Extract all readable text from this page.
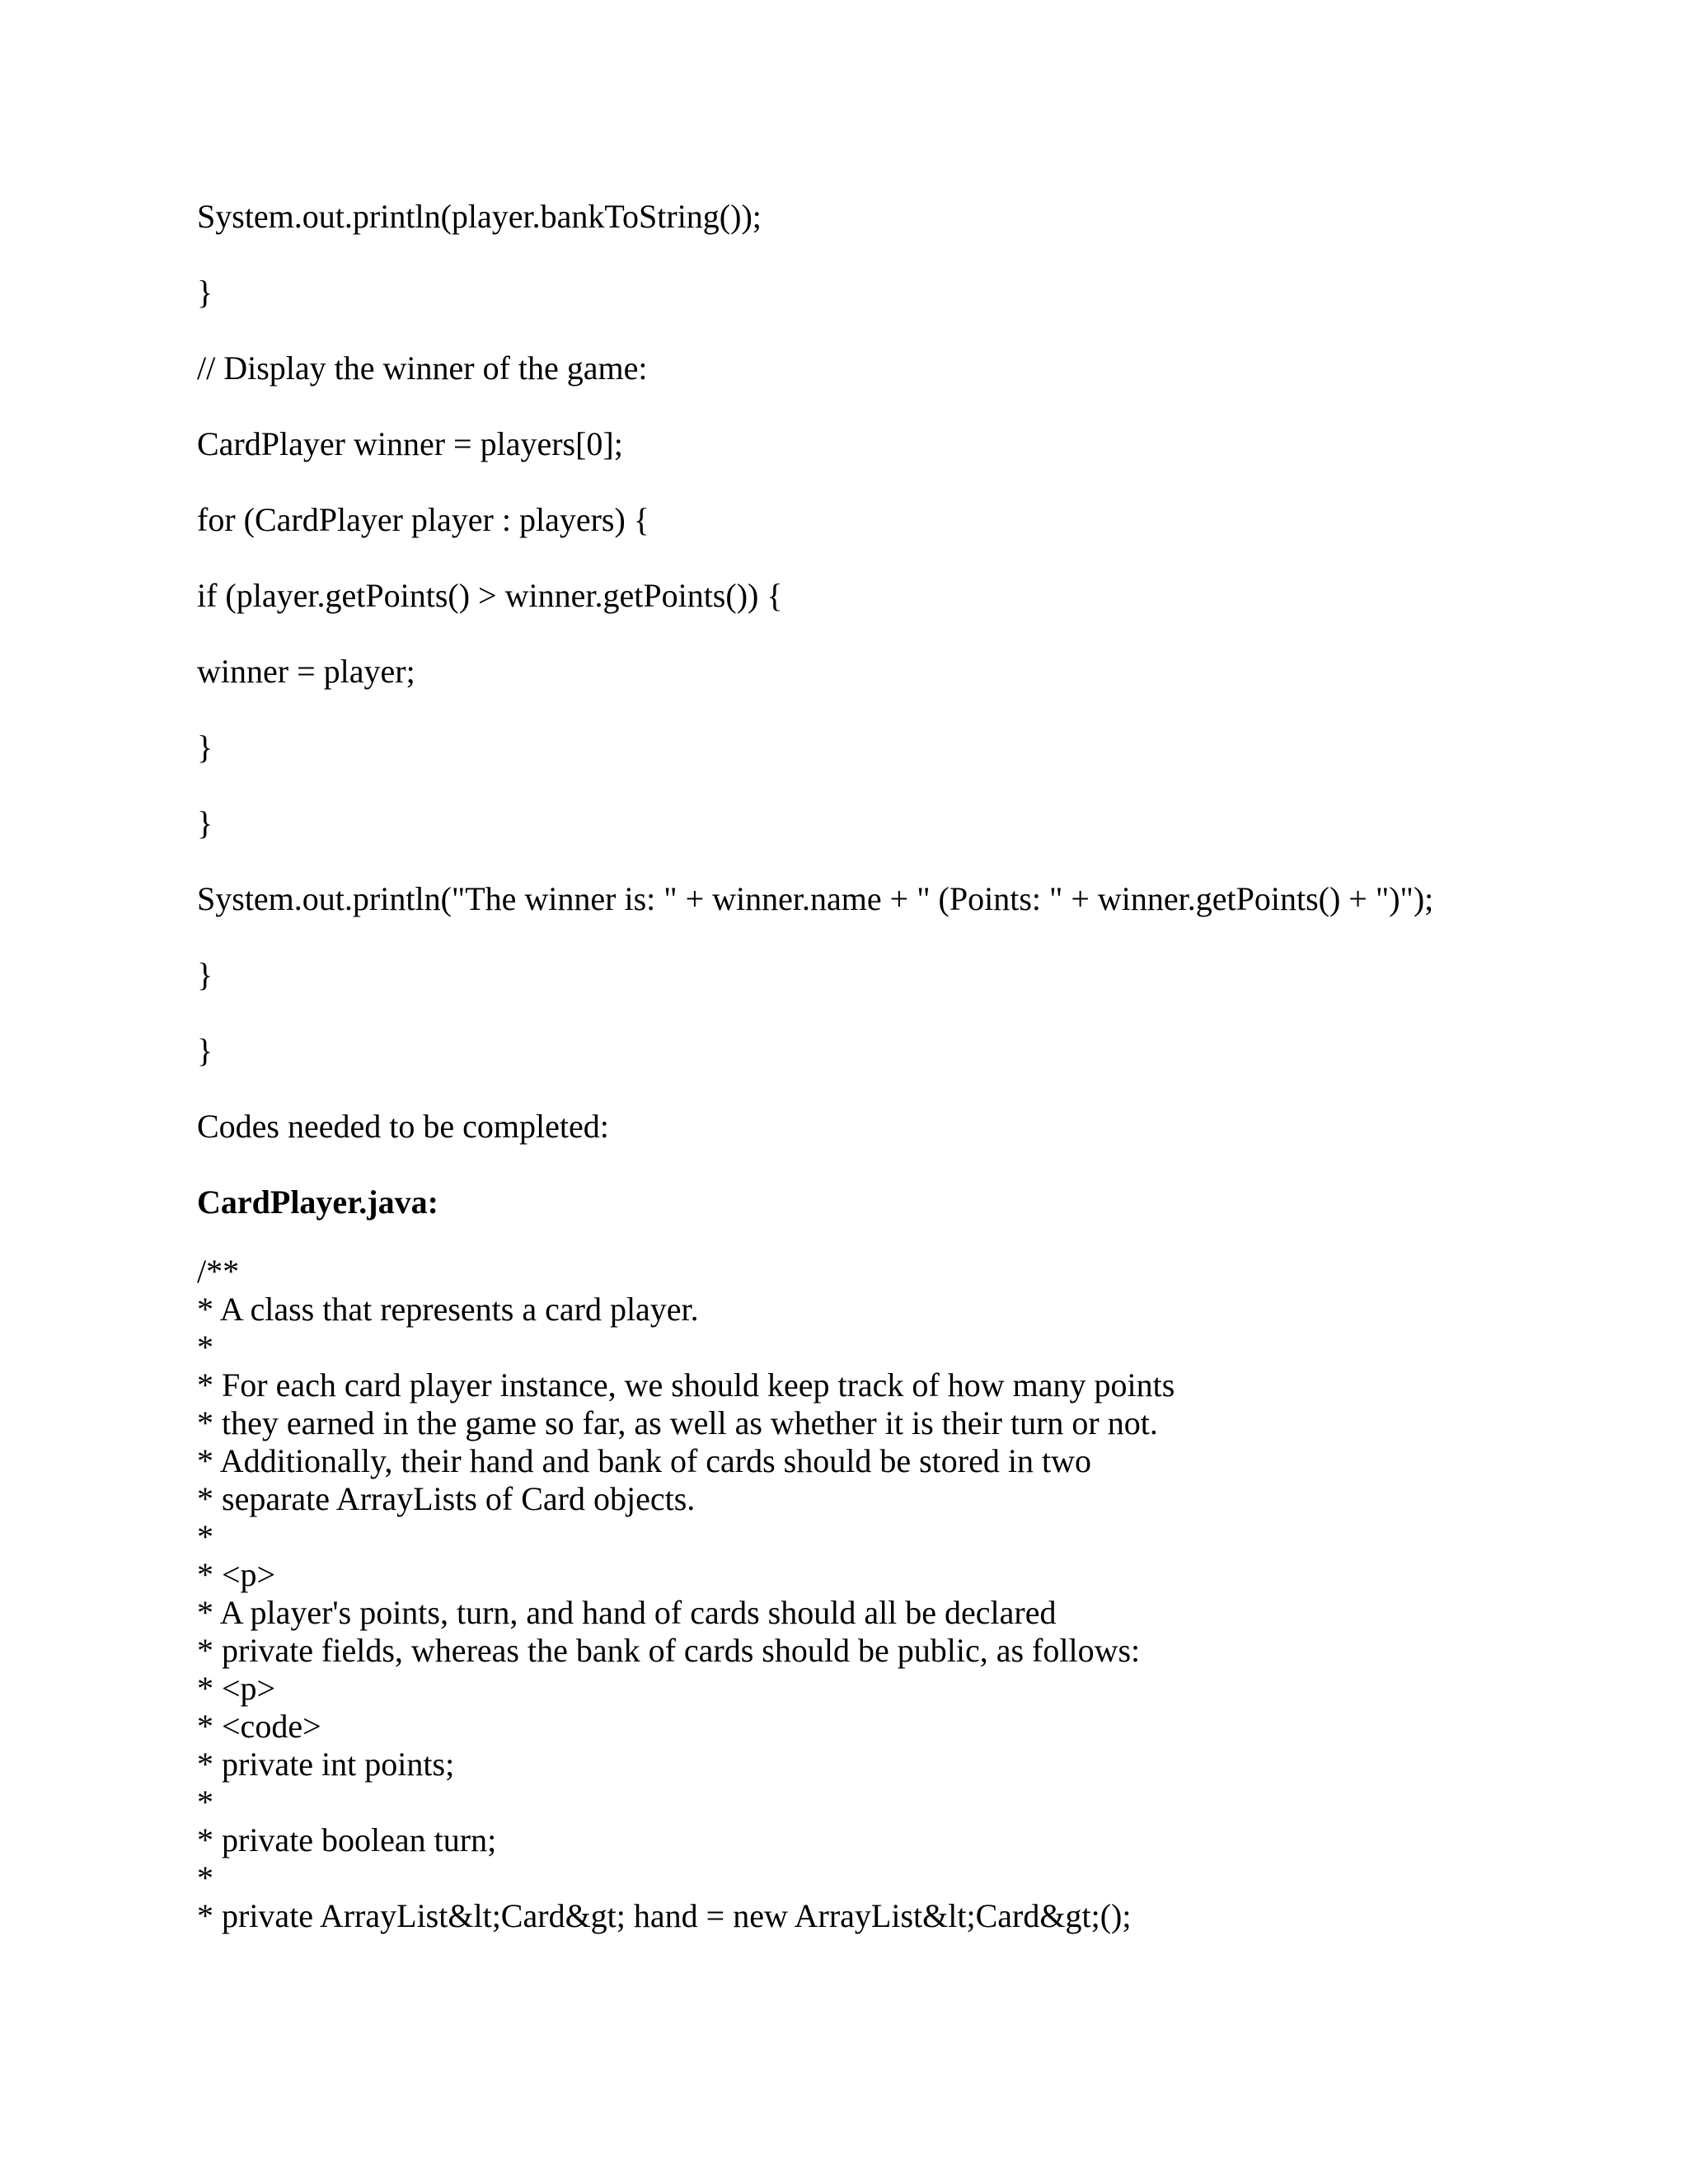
System.out.println(player.bankToString());

}

// Display the winner of the game:

CardPlayer winner = players[0];

for (CardPlayer player : players) {

if (player.getPoints() > winner.getPoints()) {

winner = player;

}

}

System.out.println("The winner is: " + winner.name + " (Points: " + winner.getPoints() + ")");

}

}

Codes needed to be completed:

CardPlayer.java:

/**

* A class that represents a card player.

*

* For each card player instance, we should keep track of how many points

* they earned in the game so far, as well as whether it is their turn or not.

* Additionally, their hand and bank of cards should be stored in two

* separate ArrayLists of Card objects.

*

* <p>

* A player's points, turn, and hand of cards should all be declared

* private fields, whereas the bank of cards should be public, as follows:

* <p>

* <code>

* private int points;

*

* private boolean turn;

*

* private ArrayList&lt;Card&gt; hand = new ArrayList&lt;Card&gt;();
